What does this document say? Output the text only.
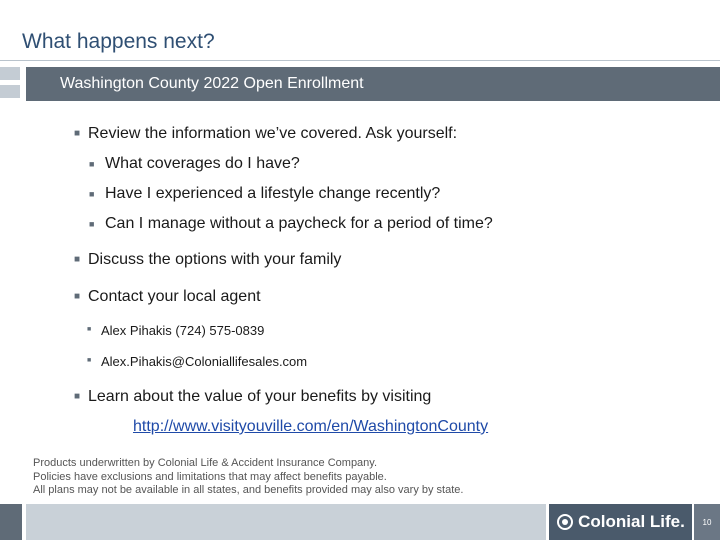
What happens next?
Washington County 2022 Open Enrollment
■ Review the information we’ve covered. Ask yourself:
■ What coverages do I have?
■ Have I experienced a lifestyle change recently?
■ Can I manage without a paycheck for a period of time?
■ Discuss the options with your family
■ Contact your local agent
■ Alex Pihakis (724) 575-0839
■ Alex.Pihakis@Coloniallifesales.com
■ Learn about the value of your benefits by visiting
http://www.visityouville.com/en/WashingtonCounty
Products underwritten by Colonial Life & Accident Insurance Company.
Policies have exclusions and limitations that may affect benefits payable.
All plans may not be available in all states, and benefits provided may also vary by state.
Colonial Life.	10
